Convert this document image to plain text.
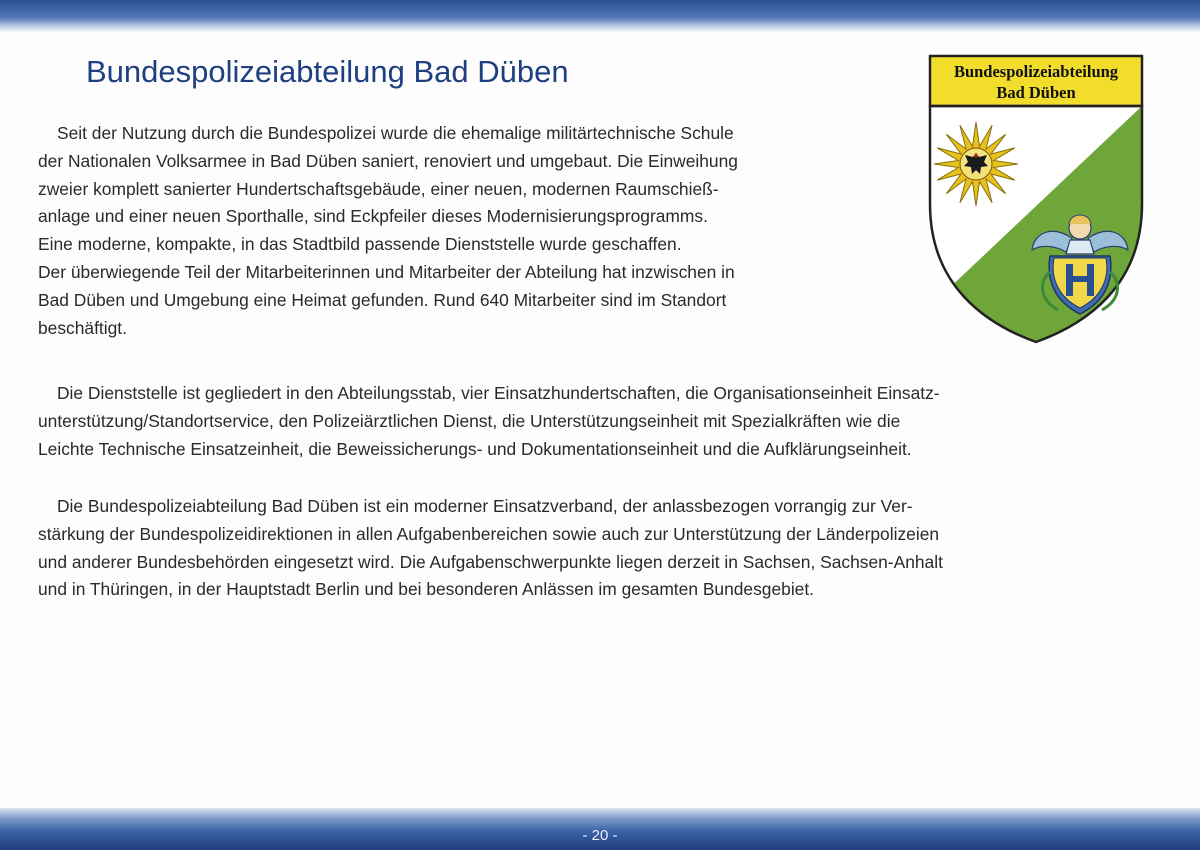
Bundespolizeiabteilung Bad Düben

Seit der Nutzung durch die Bundespolizei wurde die ehemalige militärtechnische Schule
der Nationalen Volksarmee in Bad Düben saniert, renoviert und umgebaut. Die Einweihung
zweier komplett sanierter Hundertschaftsgebäude, einer neuen, modernen Raumschieß-
anlage und einer neuen Sporthalle, sind Eckpfeiler dieses Modernisierungsprogramms.
Eine moderne, kompakte, in das Stadtbild passende Dienststelle wurde geschaffen.
Der überwiegende Teil der Mitarbeiterinnen und Mitarbeiter der Abteilung hat inzwischen in
Bad Düben und Umgebung eine Heimat gefunden. Rund 640 Mitarbeiter sind im Standort
beschäftigt.

Die Dienststelle ist gegliedert in den Abteilungsstab, vier Einsatzhundertschaften, die Organisationseinheit Einsatz-
unterstützung/Standortservice, den Polizeiärztlichen Dienst, die Unterstützungseinheit mit Spezialkräften wie die
Leichte Technische Einsatzeinheit, die Beweissicherungs- und Dokumentationseinheit und die Aufklärungseinheit.

Die Bundespolizeiabteilung Bad Düben ist ein moderner Einsatzverband, der anlassbezogen vorrangig zur Ver-
stärkung der Bundespolizeidirektionen in allen Aufgabenbereichen sowie auch zur Unterstützung der Länderpolizeien
und anderer Bundesbehörden eingesetzt wird. Die Aufgabenschwerpunkte liegen derzeit in Sachsen, Sachsen-Anhalt
und in Thüringen, in der Hauptstadt Berlin und bei besonderen Anlässen im gesamten Bundesgebiet.

Bundespolizeiabteilung
Bad Düben
- 20 -
